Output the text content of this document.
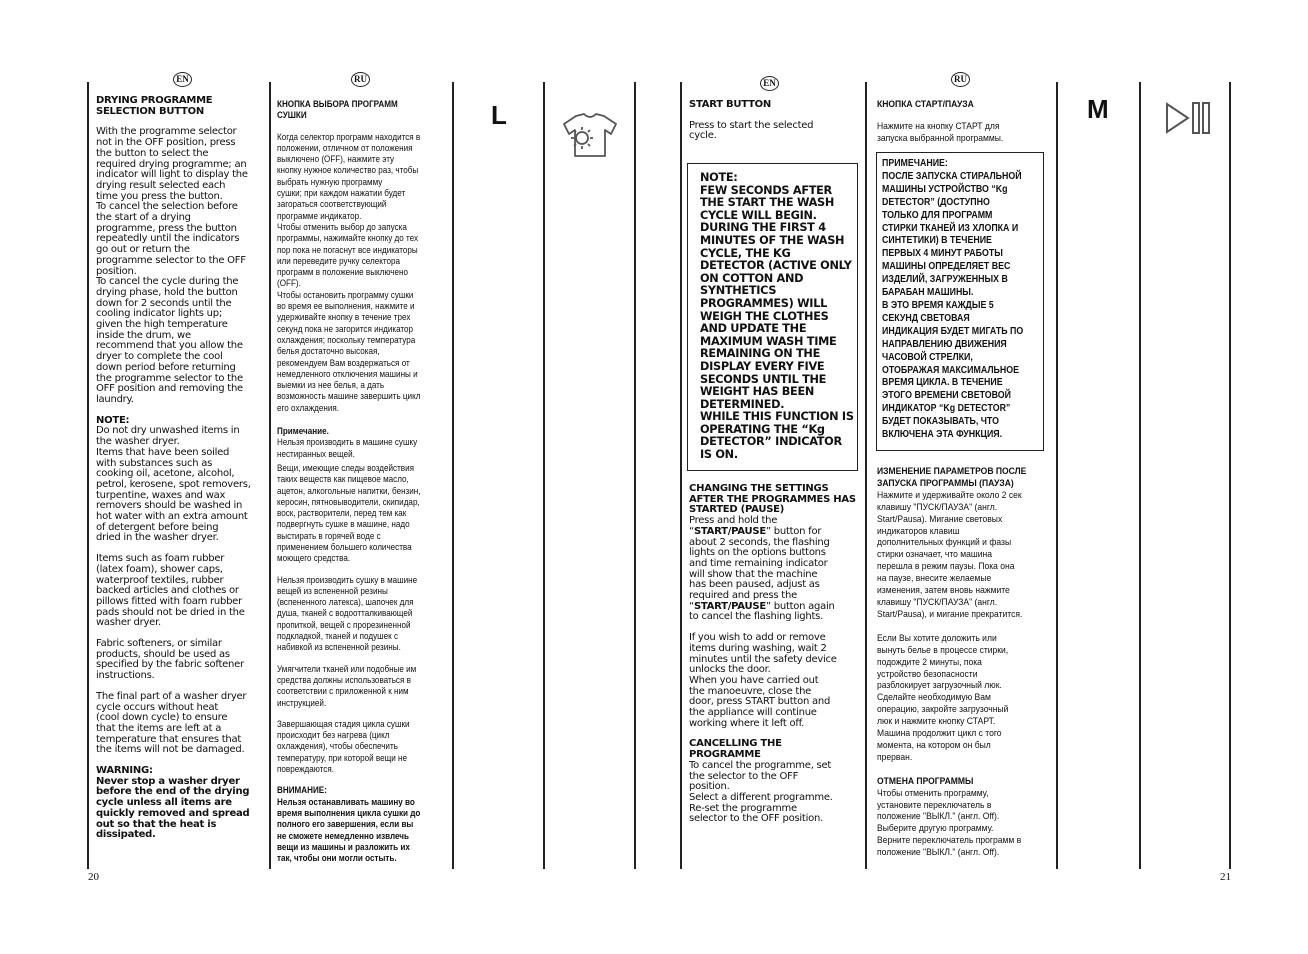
EN	RU	EN	RU
DRYING PROGRAMME
SELECTION BUTTON
With the programme selector
not in the OFF position, press
the button to select the
required drying programme; an
indicator will light to display the
drying result selected each
time you press the button.
To cancel the selection before
the start of a drying
programme, press the button
repeatedly until the indicators
go out or return the
programme selector to the OFF
position.
To cancel the cycle during the
drying phase, hold the button
down for 2 seconds until the
cooling indicator lights up;
given the high temperature
inside the drum, we
recommend that you allow the
dryer to complete the cool
down period before returning
the programme selector to the
OFF position and removing the
laundry.
NOTE:
Do not dry unwashed items in
the washer dryer.
Items that have been soiled
with substances such as
cooking oil, acetone, alcohol,
petrol, kerosene, spot removers,
turpentine, waxes and wax
removers should be washed in
hot water with an extra amount
of detergent before being
dried in the washer dryer.
Items such as foam rubber
(latex foam), shower caps,
waterproof textiles, rubber
backed articles and clothes or
pillows fitted with foam rubber
pads should not be dried in the
washer dryer.
Fabric softeners, or similar
products, should be used as
specified by the fabric softener
instructions.
The final part of a washer dryer
cycle occurs without heat
(cool down cycle) to ensure
that the items are left at a
temperature that ensures that
the items will not be damaged.
WARNING:
Never stop a washer dryer
before the end of the drying
cycle unless all items are
quickly removed and spread
out so that the heat is
dissipated.
КНОПКА ВЫБОРА ПРОГРАММ
СУШКИ
Когда селектор программ находится в
положении, отличном от положения
выключено (OFF), нажмите эту
кнопку нужное количество раз, чтобы
выбрать нужную программу
сушки; при каждом нажатии будет
загораться соответствующий
программе индикатор.
Чтобы отменить выбор до запуска
программы, нажимайте кнопку до тех
пор пока не погаснут все индикаторы
или переведите ручку селектора
программ в положение выключено
(OFF).
Чтобы остановить программу сушки
во время ее выполнения, нажмите и
удерживайте кнопку в течение трех
секунд пока не загорится индикатор
охлаждения; поскольку температура
белья достаточно высокая,
рекомендуем Вам воздержаться от
немедленного отключения машины и
выемки из нее белья, а дать
возможность машине завершить цикл
его охлаждения.
Примечание.
Нельзя производить в машине сушку
нестиранных вещей.
Вещи, имеющие следы воздействия
таких веществ как пищевое масло,
ацетон, алкогольные напитки, бензин,
керосин, пятновыводители, скипидар,
воск, растворители, перед тем как
подвергнуть сушке в машине, надо
выстирать в горячей воде с
применением большего количества
моющего средства.
Нельзя производить сушку в машине
вещей из вспененной резины
(вспененного латекса), шапочек для
душа, тканей с водоотталкивающей
пропиткой, вещей с прорезиненной
подкладкой, тканей и подушек с
набивкой из вспененной резины.
Умягчители тканей или подобные им
средства должны использоваться в
соответствии с приложенной к ним
инструкцией.
Завершающая стадия цикла сушки
происходит без нагрева (цикл
охлаждения), чтобы обеспечить
температуру, при которой вещи не
повреждаются.
ВНИМАНИЕ:
Нельзя останавливать машину во
время выполнения цикла сушки до
полного его завершения, если вы
не сможете немедленно извлечь
вещи из машины и разложить их
так, чтобы они могли остыть.
L	START BUTTON
Press to start the selected
cycle.
NOTE:
FEW SECONDS AFTER
THE START THE WASH
CYCLE WILL BEGIN.
DURING THE FIRST 4
MINUTES OF THE WASH
CYCLE, THE KG
DETECTOR (ACTIVE ONLY
ON COTTON AND
SYNTHETICS
PROGRAMMES) WILL
WEIGH THE CLOTHES
AND UPDATE THE
MAXIMUM WASH TIME
REMAINING ON THE
DISPLAY EVERY FIVE
SECONDS UNTIL THE
WEIGHT HAS BEEN
DETERMINED.
WHILE THIS FUNCTION IS
OPERATING THE “Kg
DETECTOR” INDICATOR
IS ON.
CHANGING THE SETTINGS
AFTER THE PROGRAMMES HAS
STARTED (PAUSE)
Press and hold the
“START/PAUSE” button for
about 2 seconds, the flashing
lights on the options buttons
and time remaining indicator
will show that the machine
has been paused, adjust as
required and press the
“START/PAUSE” button again
to cancel the flashing lights.
If you wish to add or remove
items during washing, wait 2
minutes until the safety device
unlocks the door.
When you have carried out
the manoeuvre, close the
door, press START button and
the appliance will continue
working where it left off.
CANCELLING THE
PROGRAMME
To cancel the programme, set
the selector to the OFF
position.
Select a different programme.
Re-set the programme
selector to the OFF position.
КНОПКА СТАРТ/ПАУЗА
Нажмите на кнопку СТАРТ для
запуска выбранной программы.
ПРИМЕЧАНИЕ:
ПОСЛЕ ЗАПУСКА СТИРАЛЬНОЙ
МАШИНЫ УСТРОЙСТВО “Kg
DETECTOR” (ДОСТУПНО
ТОЛЬКО ДЛЯ ПРОГРАММ
СТИРКИ ТКАНЕЙ ИЗ ХЛОПКА И
СИНТЕТИКИ) В ТЕЧЕНИЕ
ПЕРВЫХ 4 МИНУТ РАБОТЫ
МАШИНЫ ОПРЕДЕЛЯЕТ ВЕС
ИЗДЕЛИЙ, ЗАГРУЖЕННЫХ В
БАРАБАН МАШИНЫ.
В ЭТО ВРЕМЯ КАЖДЫЕ 5
СЕКУНД СВЕТОВАЯ
ИНДИКАЦИЯ БУДЕТ МИГАТЬ ПО
НАПРАВЛЕНИЮ ДВИЖЕНИЯ
ЧАСОВОЙ СТРЕЛКИ,
ОТОБРАЖАЯ МАКСИМАЛЬНОЕ
ВРЕМЯ ЦИКЛА. В ТЕЧЕНИЕ
ЭТОГО ВРЕМЕНИ СВЕТОВОЙ
ИНДИКАТОР “Kg DETECTOR”
БУДЕТ ПОКАЗЫВАТЬ, ЧТО
ВКЛЮЧЕНА ЭТА ФУНКЦИЯ.
ИЗМЕНЕНИЕ ПАРАМЕТРОВ ПОСЛЕ
ЗАПУСКА ПРОГРАММЫ (ПАУЗА)
Нажмите и удерживайте около 2 сек
клавишу "ПУСК/ПАУЗА" (англ.
Start/Pausa). Мигание световых
индикаторов клавиш
дополнительных функций и фазы
стирки означает, что машина
перешла в режим паузы. Пока она
на паузе, внесите желаемые
изменения, затем вновь нажмите
клавишу "ПУСК/ПАУЗА" (англ.
Start/Pausa), и мигание прекратится.
Если Вы хотите доложить или
вынуть белье в процессе стирки,
подождите 2 минуты, пока
устройство безопасности
разблокирует загрузочный люк.
Сделайте необходимую Вам
операцию, закройте загрузочный
люк и нажмите кнопку СТАРТ.
Машина продолжит цикл с того
момента, на котором он был
прерван.
ОТМЕНА ПРОГРАММЫ
Чтобы отменить программу,
установите переключатель в
положение "ВЫКЛ." (англ. Off).
Выберите другую программу.
Верните переключатель программ в
положение "ВЫКЛ." (англ. Off).
M
20	21
